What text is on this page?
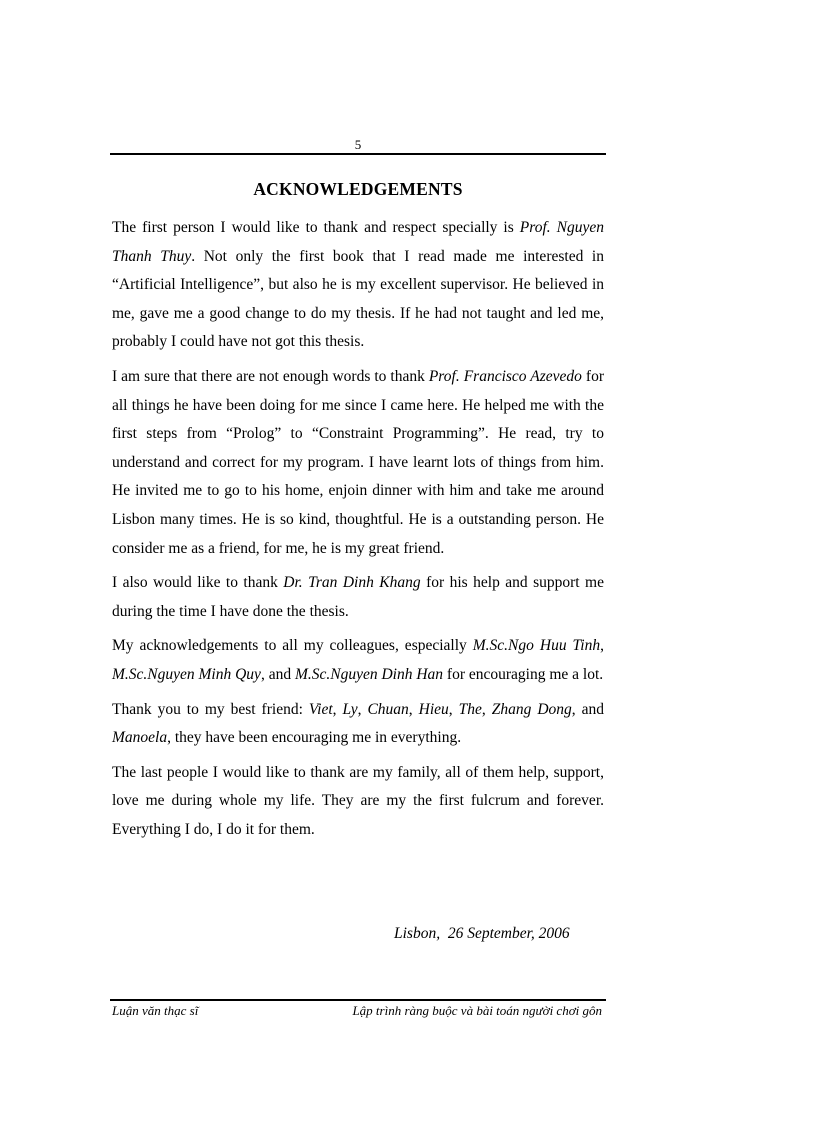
5
ACKNOWLEDGEMENTS

The first person I would like to thank and respect specially is Prof. Nguyen Thanh Thuy. Not only the first book that I read made me interested in “Artificial Intelligence”, but also he is my excellent supervisor. He believed in me, gave me a good change to do my thesis. If he had not taught and led me, probably I could have not got this thesis.

I am sure that there are not enough words to thank Prof. Francisco Azevedo for all things he have been doing for me since I came here. He helped me with the first steps from “Prolog” to “Constraint Programming”. He read, try to understand and correct for my program. I have learnt lots of things from him. He invited me to go to his home, enjoin dinner with him and take me around Lisbon many times. He is so kind, thoughtful. He is a outstanding person. He consider me as a friend, for me, he is my great friend.

I also would like to thank Dr. Tran Dinh Khang for his help and support me during the time I have done the thesis.

My acknowledgements to all my colleagues, especially M.Sc.Ngo Huu Tinh, M.Sc.Nguyen Minh Quy, and M.Sc.Nguyen Dinh Han for encouraging me a lot.

Thank you to my best friend: Viet, Ly, Chuan, Hieu, The, Zhang Dong, and Manoela, they have been encouraging me in everything.

The last people I would like to thank are my family, all of them help, support, love me during whole my life. They are my the first fulcrum and forever. Everything I do, I do it for them.

Lisbon,  26 September, 2006
Luận văn thạc sĩ	Lập trình ràng buộc và bài toán người chơi gôn
